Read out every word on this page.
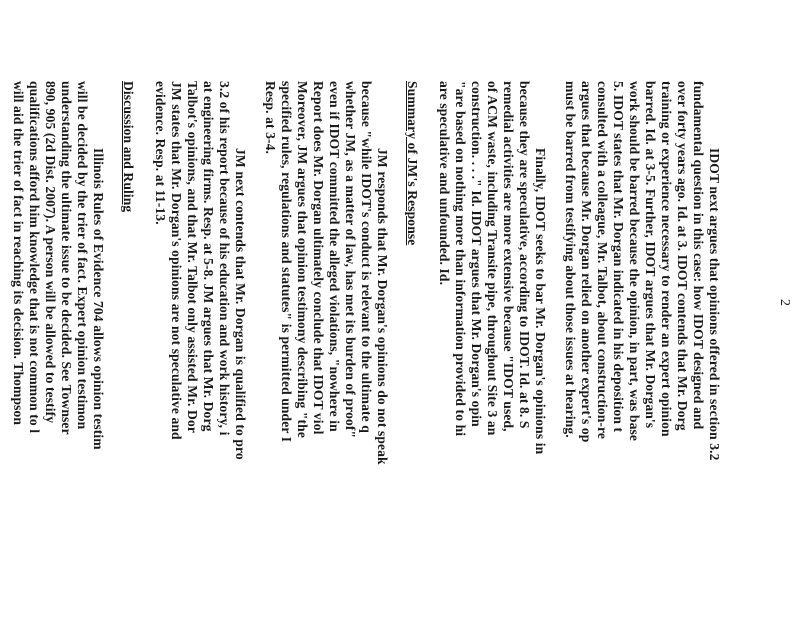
2
IDOT next argues that opinions offered in section 3.2
fundamental question in this case: how IDOT designed and
over forty years ago. Id. at 3. IDOT contends that Mr. Dorg
training or experience necessary to render an expert opinion
barred. Id. at 3-5. Further, IDOT argues that Mr. Dorgan's
work should be barred because the opinion, in part, was base
5. IDOT states that Mr. Dorgan indicated in his deposition t
consulted with a colleague, Mr. Talbot, about construction-re
argues that because Mr. Dorgan relied on another expert's op
must be barred from testifying about those issues at hearing.
Finally, IDOT seeks to bar Mr. Dorgan's opinions in
because they are speculative, according to IDOT. Id. at 8. S
remedial activities are more extensive because "IDOT used,
of ACM waste, including Transite pipe, throughout Site 3 an
construction. . . ." Id. IDOT argues that Mr. Dorgan's opin
"are based on nothing more than information provided to hi
are speculative and unfounded. Id.
Summary of JM's Response
JM responds that Mr. Dorgan's opinions do not speak
because "while IDOT's conduct is relevant to the ultimate q
whether JM, as a matter of law, has met its burden of proof"
even if IDOT committed the alleged violations, "nowhere in
Report does Mr. Dorgan ultimately conclude that IDOT viol
Moreover, JM argues that opinion testimony describing "the
specified rules, regulations and statutes" is permitted under I
Resp. at 3-4.
JM next contends that Mr. Dorgan is qualified to pro
3.2 of his report because of his education and work history, i
at engineering firms. Resp. at 5-8. JM argues that Mr. Dorg
Talbot's opinions, and that Mr. Talbot only assisted Mr. Dor
JM states that Mr. Dorgan's opinions are not speculative and
evidence. Resp. at 11-13.
Discussion and Ruling
Illinois Rules of Evidence 704 allows opinion testim
will be decided by the trier of fact. Expert opinion testimon
understanding the ultimate issue to be decided. See Townser
890, 905 (2d Dist. 2007). A person will be allowed to testify
qualifications afford him knowledge that is not common to l
will aid the trier of fact in reaching its decision. Thompson
